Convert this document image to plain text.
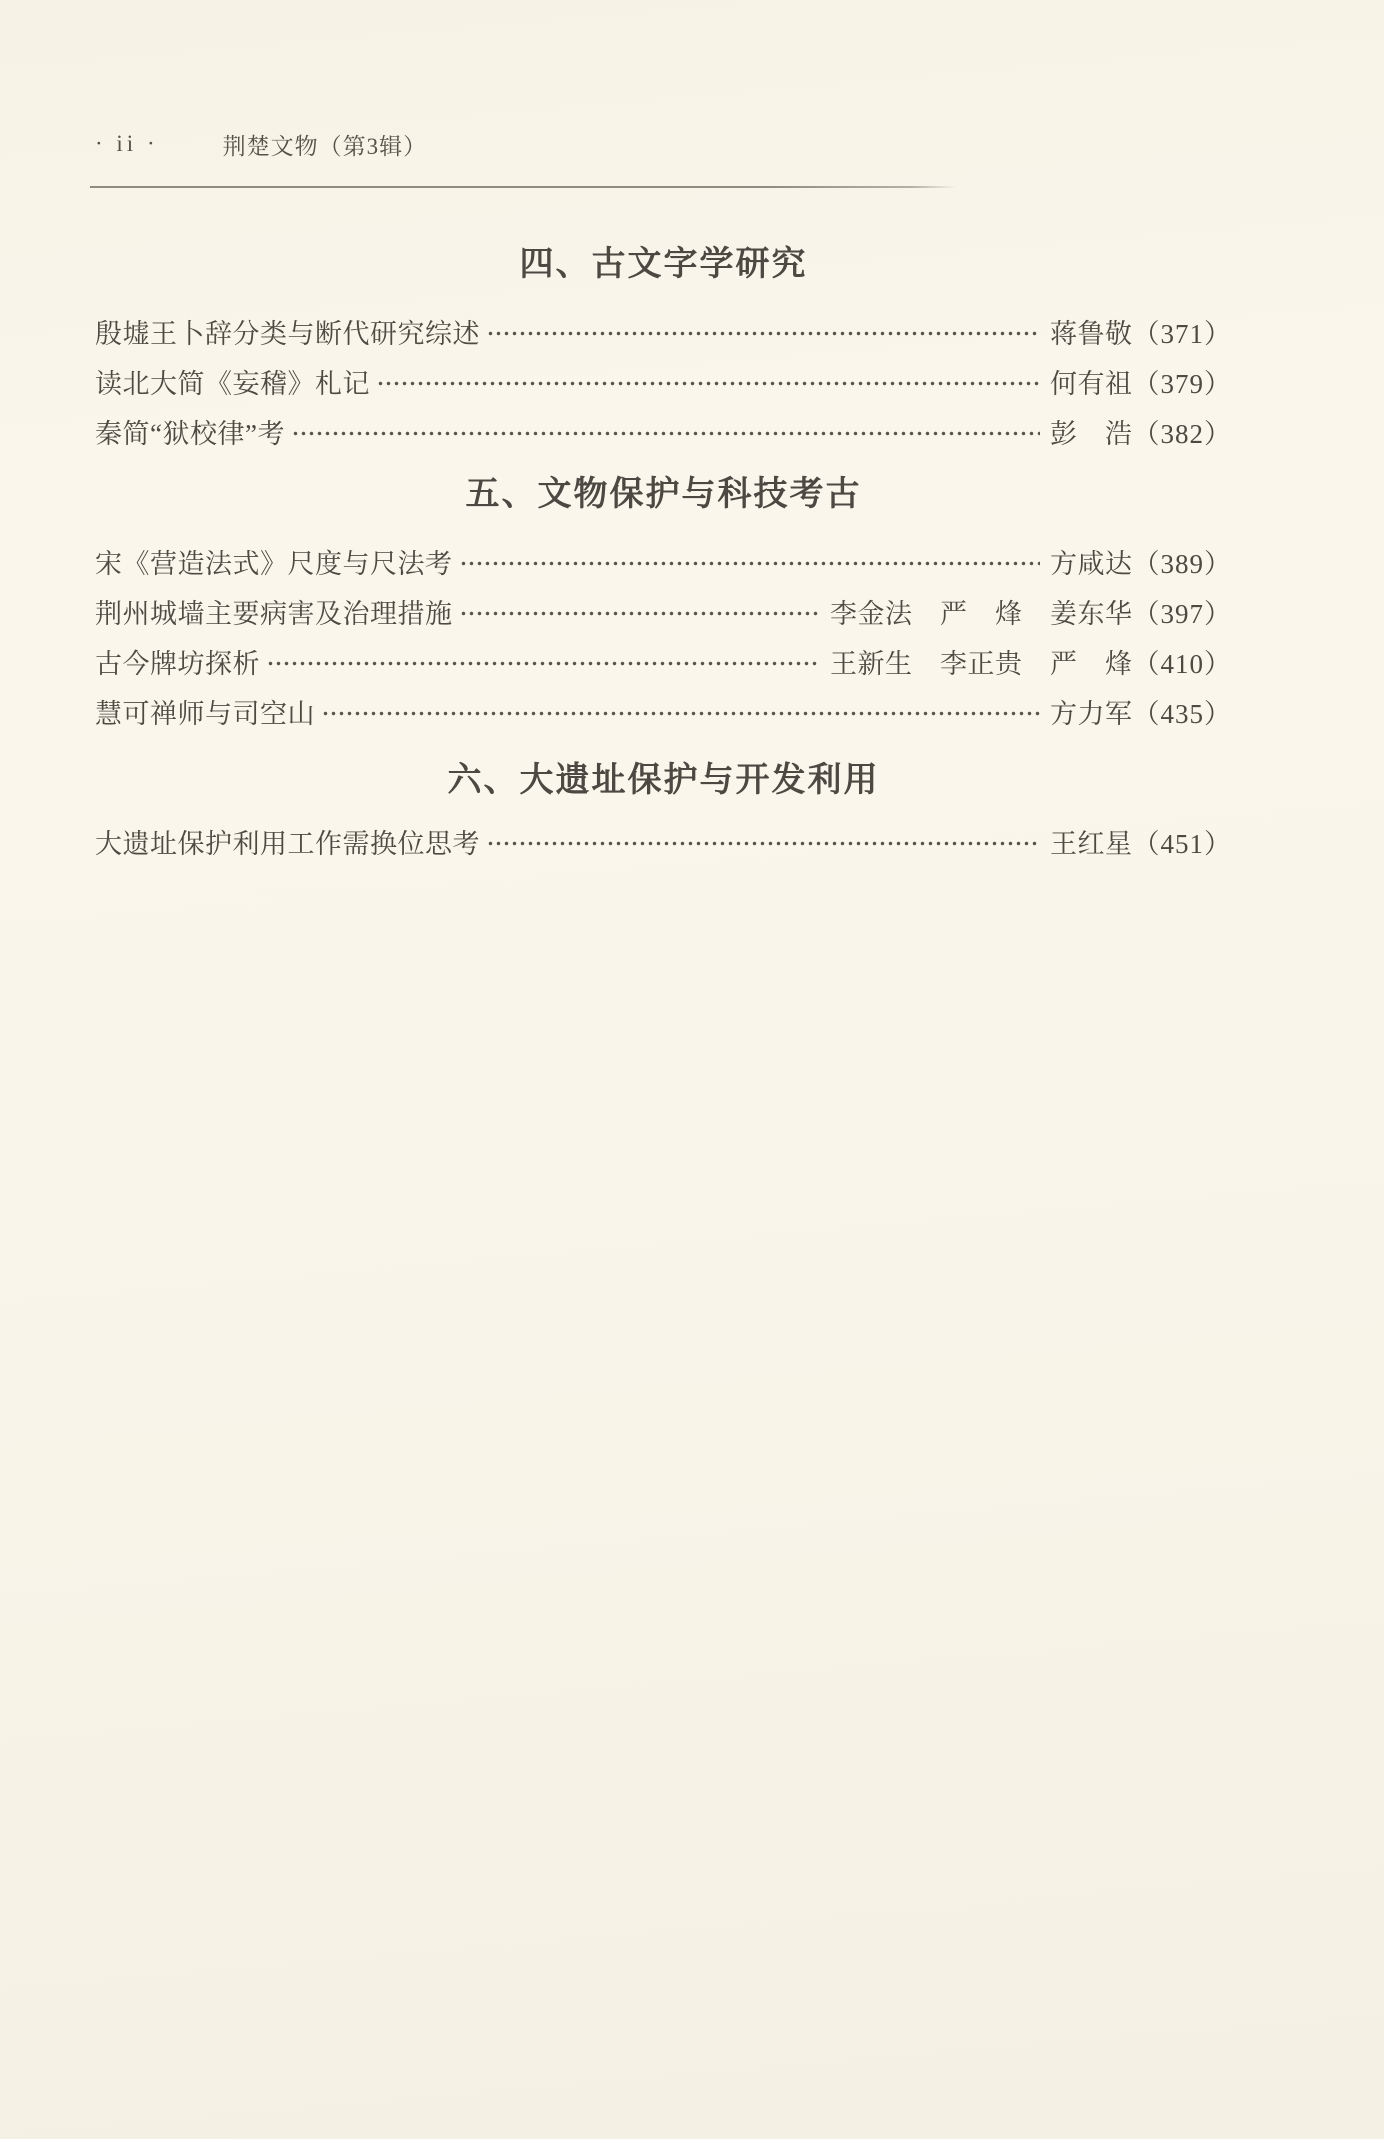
· ii ·	荆楚文物（第3辑）
四、古文字学研究
殷墟王卜辞分类与断代研究综述	蒋鲁敬 （371）
读北大简《妄稽》札记	何有祖 （379）
秦简“狱校律”考	彭　浩 （382）
五、文物保护与科技考古
宋《营造法式》尺度与尺法考	方咸达 （389）
荆州城墙主要病害及治理措施	李金法　严　烽　姜东华 （397）
古今牌坊探析	王新生　李正贵　严　烽 （410）
慧可禅师与司空山	方力军 （435）
六、大遗址保护与开发利用
大遗址保护利用工作需换位思考	王红星 （451）
